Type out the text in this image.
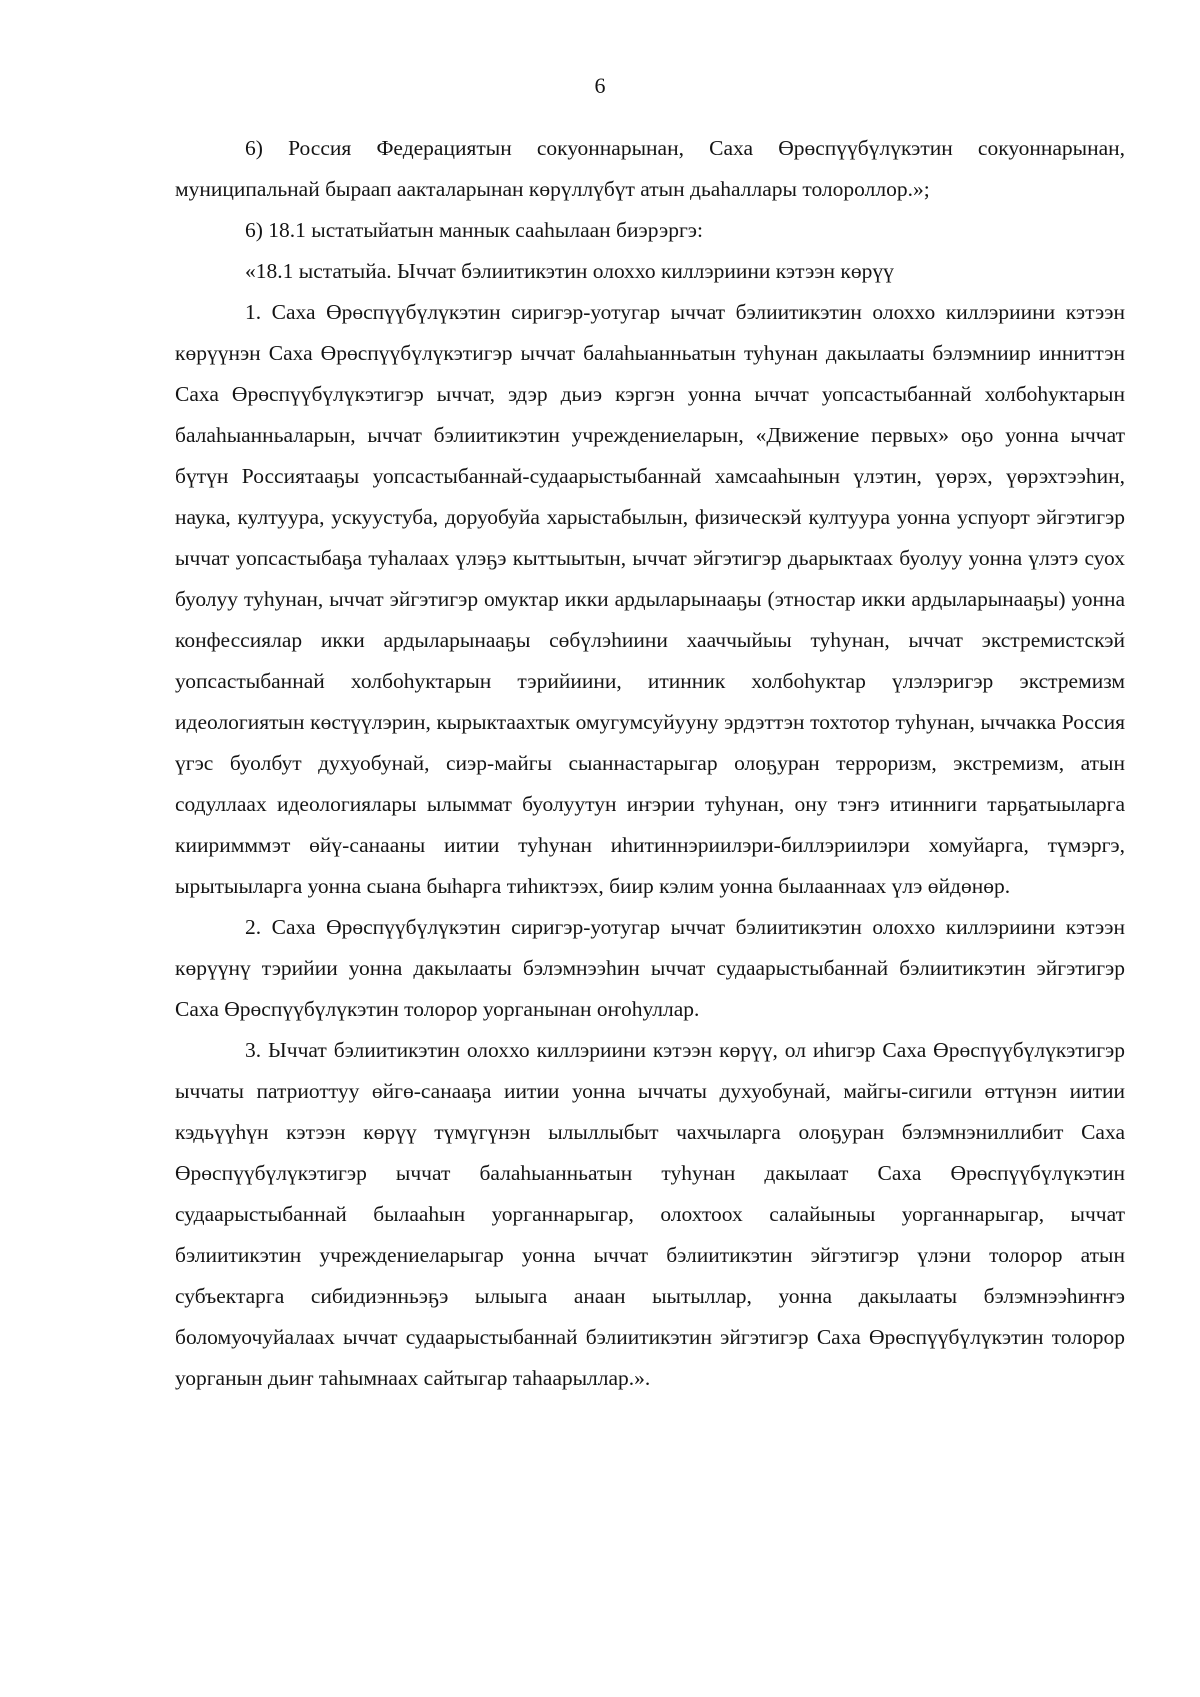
6

6) Россия Федерациятын сокуоннарынан, Саха Өрөспүүбүлүкэтин сокуоннарынан, муниципальнай быраап аакталарынан көрүллүбүт атын дьаһаллары толороллор.»;

6) 18.1 ыстатыйатын маннык сааһылаан биэрэргэ:

«18.1 ыстатыйа. Ыччат бэлиитикэтин олоххо киллэриини кэтээн көрүү

1. Саха Өрөспүүбүлүкэтин сиригэр-уотугар ыччат бэлиитикэтин олоххо киллэриини кэтээн көрүүнэн Саха Өрөспүүбүлүкэтигэр ыччат балаһыанньатын туһунан дакылааты бэлэмниир инниттэн Саха Өрөспүүбүлүкэтигэр ыччат, эдэр дьиэ кэргэн уонна ыччат уопсастыбаннай холбоһуктарын балаһыанньаларын, ыччат бэлиитикэтин учреждениеларын, «Движение первых» оҕо уонна ыччат бүтүн Россиятааҕы уопсастыбаннай-судаарыстыбаннай хамсааһынын үлэтин, үөрэх, үөрэхтээһин, наука, култуура, ускуустуба, доруобуйа харыстабылын, физическэй култуура уонна успуорт эйгэтигэр ыччат уопсастыбаҕа туһалаах үлэҕэ кыттыытын, ыччат эйгэтигэр дьарыктаах буолуу уонна үлэтэ суох буолуу туһунан, ыччат эйгэтигэр омуктар икки ардыларынааҕы (этностар икки ардыларынааҕы) уонна конфессиялар икки ардыларынааҕы сөбүлэһиини хааччыйыы туһунан, ыччат экстремистскэй уопсастыбаннай холбоһуктарын тэрийиини, итинник холбоһуктар үлэлэригэр экстремизм идеологиятын көстүүлэрин, кырыктаахтык омугумсуйууну эрдэттэн тохтотор туһунан, ыччакка Россия үгэс буолбут духуобунай, сиэр-майгы сыаннастарыгар олоҕуран терроризм, экстремизм, атын содуллаах идеологиялары ылыммат буолуутун иҥэрии туһунан, ону тэҥэ итинниги тарҕатыыларга кииримммэт өйү-санааны иитии туһунан иһитиннэриилэри-биллэриилэри хомуйарга, түмэргэ, ырытыыларга уонна сыана быһарга тиһиктээх, биир кэлим уонна былааннаах үлэ өйдөнөр.

2. Саха Өрөспүүбүлүкэтин сиригэр-уотугар ыччат бэлиитикэтин олоххо киллэриини кэтээн көрүүнү тэрийии уонна дакылааты бэлэмнээһин ыччат судаарыстыбаннай бэлиитикэтин эйгэтигэр Саха Өрөспүүбүлүкэтин толорор уорганынан оҥоһуллар.

3. Ыччат бэлиитикэтин олоххо киллэриини кэтээн көрүү, ол иһигэр Саха Өрөспүүбүлүкэтигэр ыччаты патриоттуу өйгө-санааҕа иитии уонна ыччаты духуобунай, майгы-сигили өттүнэн иитии кэдьүүһүн кэтээн көрүү түмүгүнэн ылыллыбыт чахчыларга олоҕуран бэлэмнэниллибит Саха Өрөспүүбүлүкэтигэр ыччат балаһыанньатын туһунан дакылаат Саха Өрөспүүбүлүкэтин судаарыстыбаннай былааһын уорганнарыгар, олохтоох салайыныы уорганнарыгар, ыччат бэлиитикэтин учреждениеларыгар уонна ыччат бэлиитикэтин эйгэтигэр үлэни толорор атын субъектарга сибидиэнньэҕэ ылыыга анаан ыытыллар, уонна дакылааты бэлэмнээһиҥҥэ боломуочуйалаах ыччат судаарыстыбаннай бэлиитикэтин эйгэтигэр Саха Өрөспүүбүлүкэтин толорор уорганын дьиҥ таһымнаах сайтыгар таһаарыллар.».
